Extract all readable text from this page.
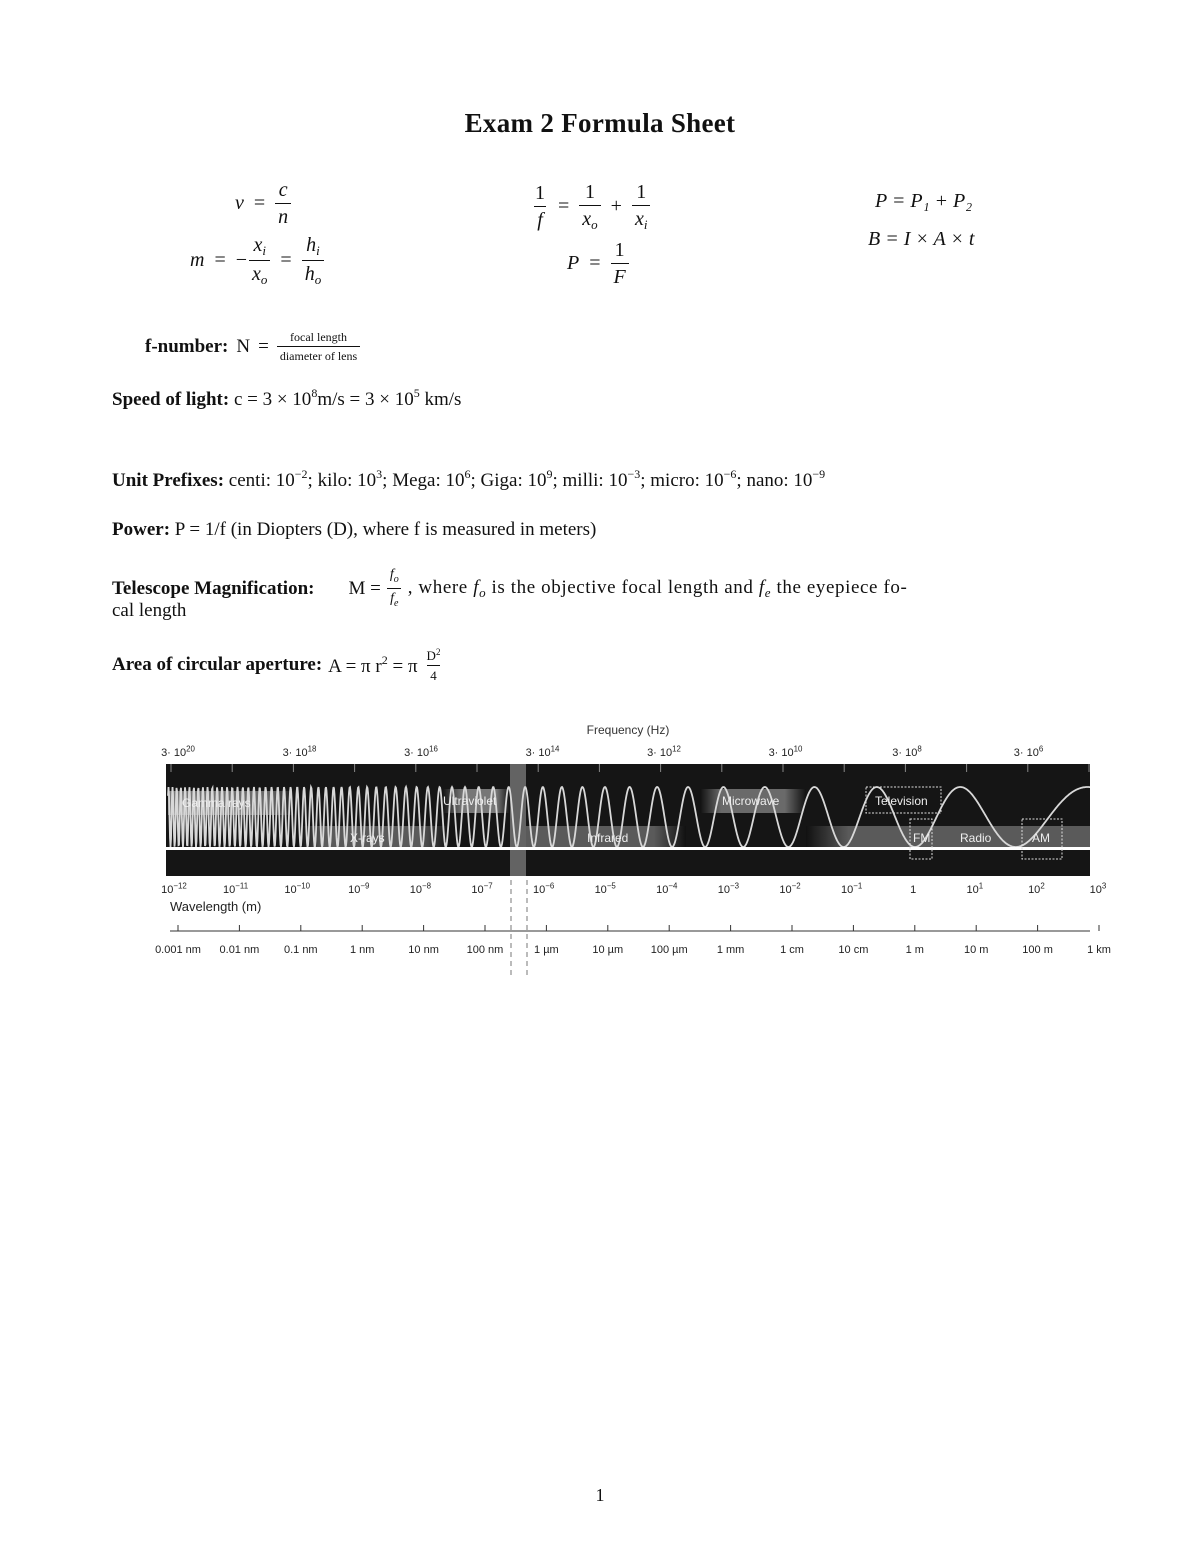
Exam 2 Formula Sheet
$v = \frac{c}{n}$
m = − $\frac{x_i}{x_o} = \frac{h_i}{h_o}$
$\frac{1}{f} = \frac{1}{x_o} + \frac{1}{x_i}$
$P = \frac{1}{F}$
P = P₁ + P₂
B = I × A × t
f-number: $N = \frac{\text{focal length}}{\text{diameter of lens}}$
Speed of light: $c = 3 \times 10^8m/s = 3 \times 10^5$ km/s
Unit Prefixes: centi: $10^{-2}$; kilo: $10^3$; Mega: $10^6$; Giga: $10^9$; milli: $10^{-3}$; micro: $10^{-6}$; nano: $10^{-9}$
Power: P = 1/f (in Diopters (D), where f is measured in meters)
Telescope Magnification: $M = \frac{f_o}{f_e}$ , where $f_o$ is the objective focal length and $f_e$ the eyepiece fo-
cal length
Area of circular aperture: A = π $r^2 = \pi \frac{D^2}{4}$
Frequency (Hz)
$3\cdot 10^{20}$	$3\cdot 10^{18}$	$3\cdot 10^{16}$	$3\cdot 10^{14}$	$3\cdot 10^{12}$	$3\cdot 10^{10}$	$3\cdot 10^8$	$3\cdot 10^6$
Gamma rays
X-rays
Ultraviolet
Infrared
Microwave	Television
FM Radio	AM
$10^{-12}$	$10^{-11}$	$10^{-10}$	$10^{-9}$	$10^{-8}$	$10^{-7}$	$10^{-6}$	$10^{-5}$	$10^{-4}$	$10^{-3}$	$10^{-2}$	$10^{-1}$	1	$10^1$	$10^2$	$10^3$
Wavelength (m)
0.001 nm 0.01 nm 0.1 nm	1 nm	10 nm	100 nm	1 µm	10 µm	100 µm	1 mm	1 cm	10 cm	1 m	10 m	100 m	1 km
1
